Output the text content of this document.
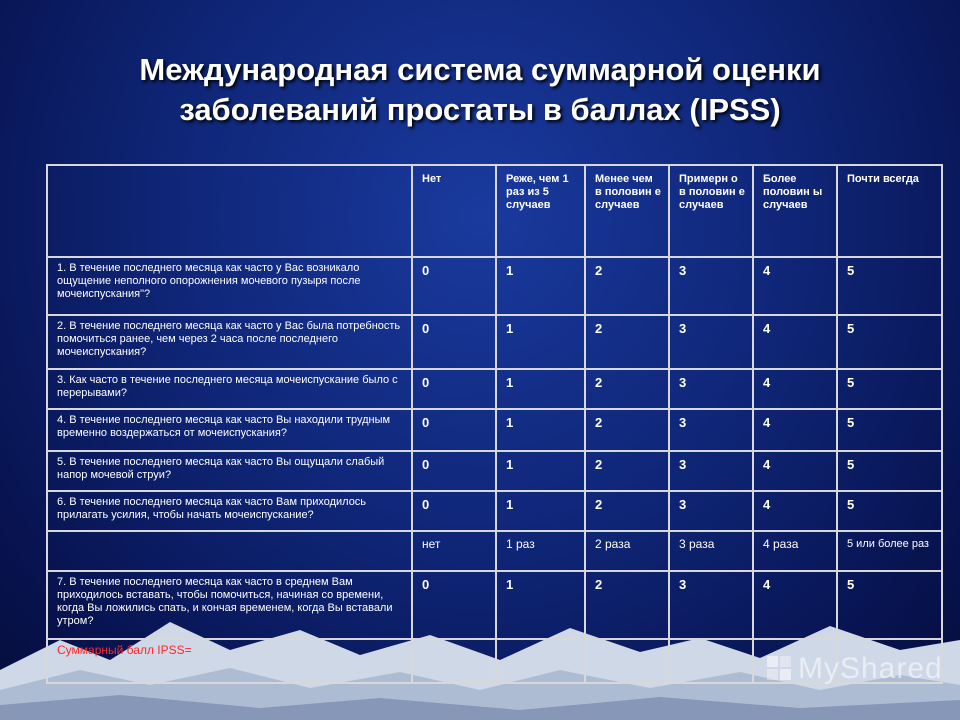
Международная система суммарной оценки
заболеваний простаты в баллах (IPSS)
	Нет	Реже, чем 1 раз из 5 случаев	Менее чем в половин е случаев	Примерн о в половин е случаев	Более половин ы случаев	Почти всегда
1. В течение последнего месяца как часто у Вас возникало ощущение неполного опорожнения мочевого пузыря после мочеиспускания"?	0	1	2	3	4	5
2. В течение последнего месяца как часто у Вас была потребность помочиться ранее, чем через 2 часа после последнего мочеиспускания?	0	1	2	3	4	5
3. Как часто в течение последнего месяца мочеиспускание было с перерывами?	0	1	2	3	4	5
4. В течение последнего месяца как часто Вы находили трудным временно воздержаться от мочеиспускания?	0	1	2	3	4	5
5. В течение последнего месяца как часто Вы ощущали слабый напор мочевой струи?	0	1	2	3	4	5
6. В течение последнего месяца как часто Вам приходилось прилагать усилия, чтобы начать мочеиспускание?	0	1	2	3	4	5
	нет	1 раз	2 раза	3 раза	4 раза	5 или более раз
7. В течение последнего месяца как часто в среднем Вам приходилось вставать, чтобы помочиться, начиная со времени, когда Вы ложились спать, и кончая временем, когда Вы вставали утром?	0	1	2	3	4	5
Суммарный балл IPSS=						
MyShared
